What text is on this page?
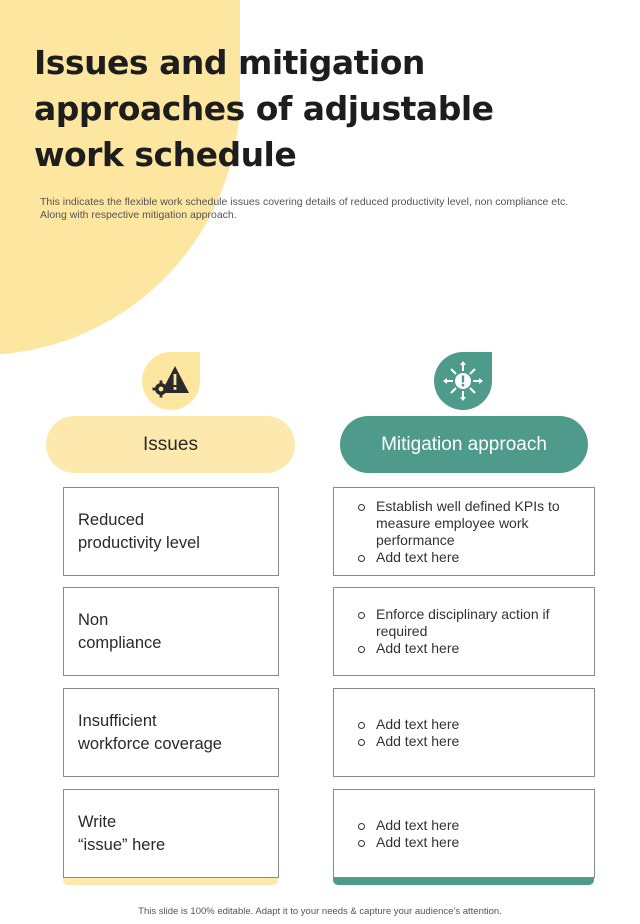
Issues and mitigation approaches of adjustable work schedule
This indicates the flexible work schedule issues covering details of reduced productivity level, non compliance etc. Along with respective mitigation approach.
Issues	Mitigation approach
Reduced
productivity level
Establish well defined KPIs to measure employee work performance
Add text here
Non
compliance
Enforce disciplinary action if required
Add text here
Insufficient
workforce coverage
Add text here
Add text here
Write
“issue” here
Add text here
Add text here
This slide is 100% editable. Adapt it to your needs & capture your audience’s attention.
